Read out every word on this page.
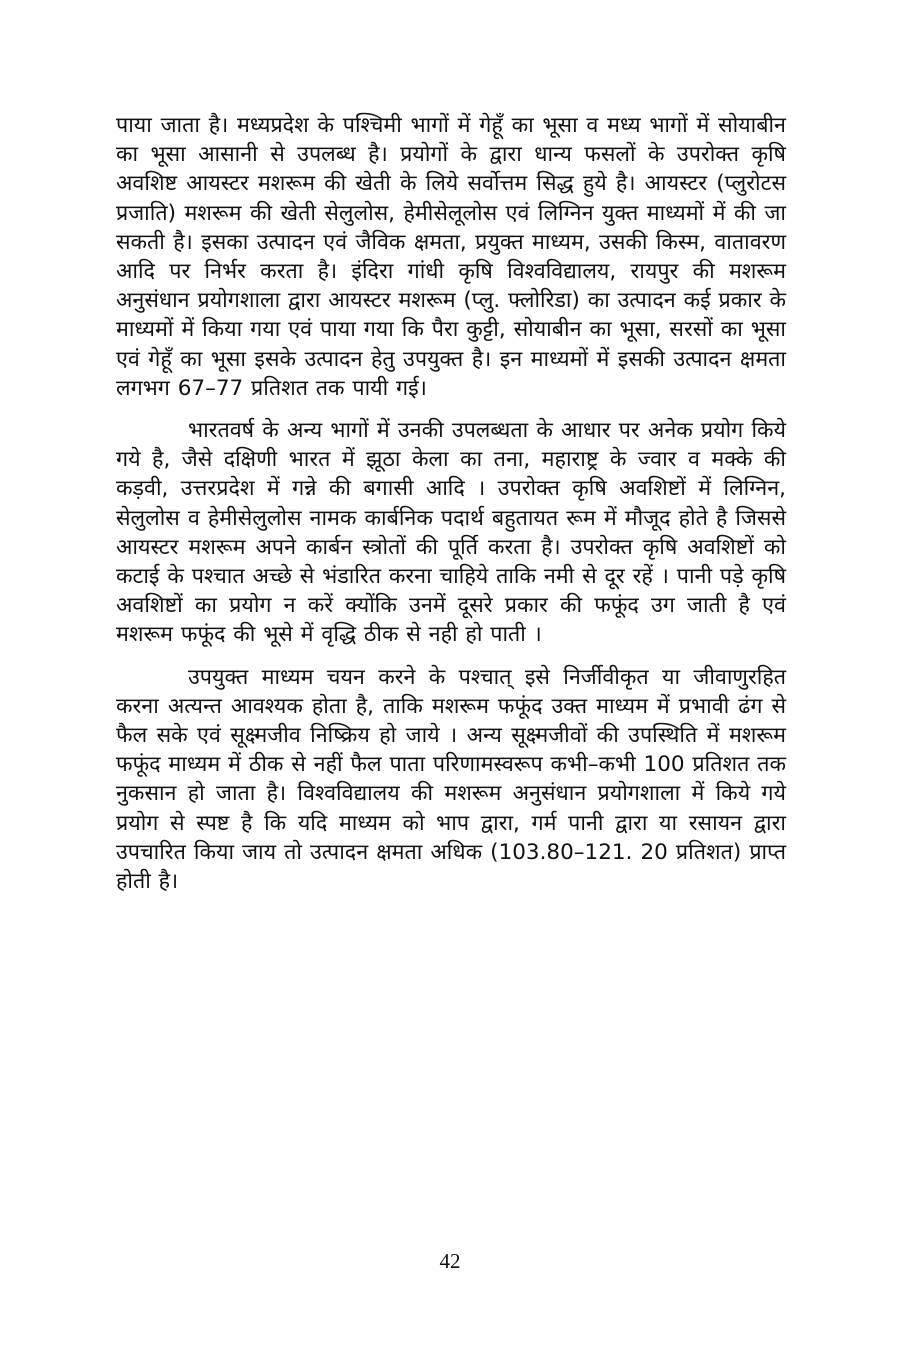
पाया जाता है। मध्यप्रदेश के पश्चिमी भागों में गेहूँ का भूसा व मध्य भागों में सोयाबीन का भूसा आसानी से उपलब्ध है। प्रयोगों के द्वारा धान्य फसलों के उपरोक्त कृषि अवशिष्ट आयस्टर मशरूम की खेती के लिये सर्वोत्तम सिद्ध हुये है। आयस्टर (प्लुरोटस प्रजाति) मशरूम की खेती सेलुलोस, हेमीसेलूलोस एवं लिग्निन युक्त माध्यमों में की जा सकती है। इसका उत्पादन एवं जैविक क्षमता, प्रयुक्त माध्यम, उसकी किस्म, वातावरण आदि पर निर्भर करता है। इंदिरा गांधी कृषि विश्वविद्यालय, रायपुर की मशरूम अनुसंधान प्रयोगशाला द्वारा आयस्टर मशरूम (प्लु. फ्लोरिडा) का उत्पादन कई प्रकार के माध्यमों में किया गया एवं पाया गया कि पैरा कुट्टी, सोयाबीन का भूसा, सरसों का भूसा एवं गेहूँ का भूसा इसके उत्पादन हेतु उपयुक्त है। इन माध्यमों में इसकी उत्पादन क्षमता लगभग 67–77 प्रतिशत तक पायी गई।

भारतवर्ष के अन्य भागों में उनकी उपलब्धता के आधार पर अनेक प्रयोग किये गये है, जैसे दक्षिणी भारत में झूठा केला का तना, महाराष्ट्र के ज्वार व मक्के की कड़वी, उत्तरप्रदेश में गन्ने की बगासी आदि । उपरोक्त कृषि अवशिष्टों में लिग्निन, सेलुलोस व हेमीसेलुलोस नामक कार्बनिक पदार्थ बहुतायत रूम में मौजूद होते है जिससे आयस्टर मशरूम अपने कार्बन स्त्रोतों की पूर्ति करता है। उपरोक्त कृषि अवशिष्टों को कटाई के पश्चात अच्छे से भंडारित करना चाहिये ताकि नमी से दूर रहें । पानी पड़े कृषि अवशिष्टों का प्रयोग न करें क्योंकि उनमें दूसरे प्रकार की फफूंद उग जाती है एवं मशरूम फफूंद की भूसे में वृद्धि ठीक से नही हो पाती ।

उपयुक्त माध्यम चयन करने के पश्चात् इसे निर्जीवीकृत या जीवाणुरहित करना अत्यन्त आवश्यक होता है, ताकि मशरूम फफूंद उक्त माध्यम में प्रभावी ढंग से फैल सके एवं सूक्ष्मजीव निष्क्रिय हो जाये । अन्य सूक्ष्मजीवों की उपस्थिति में मशरूम फफूंद माध्यम में ठीक से नहीं फैल पाता परिणामस्वरूप कभी–कभी 100 प्रतिशत तक नुकसान हो जाता है। विश्वविद्यालय की मशरूम अनुसंधान प्रयोगशाला में किये गये प्रयोग से स्पष्ट है कि यदि माध्यम को भाप द्वारा, गर्म पानी द्वारा या रसायन द्वारा उपचारित किया जाय तो उत्पादन क्षमता अधिक (103.80–121. 20 प्रतिशत) प्राप्त होती है।

42
